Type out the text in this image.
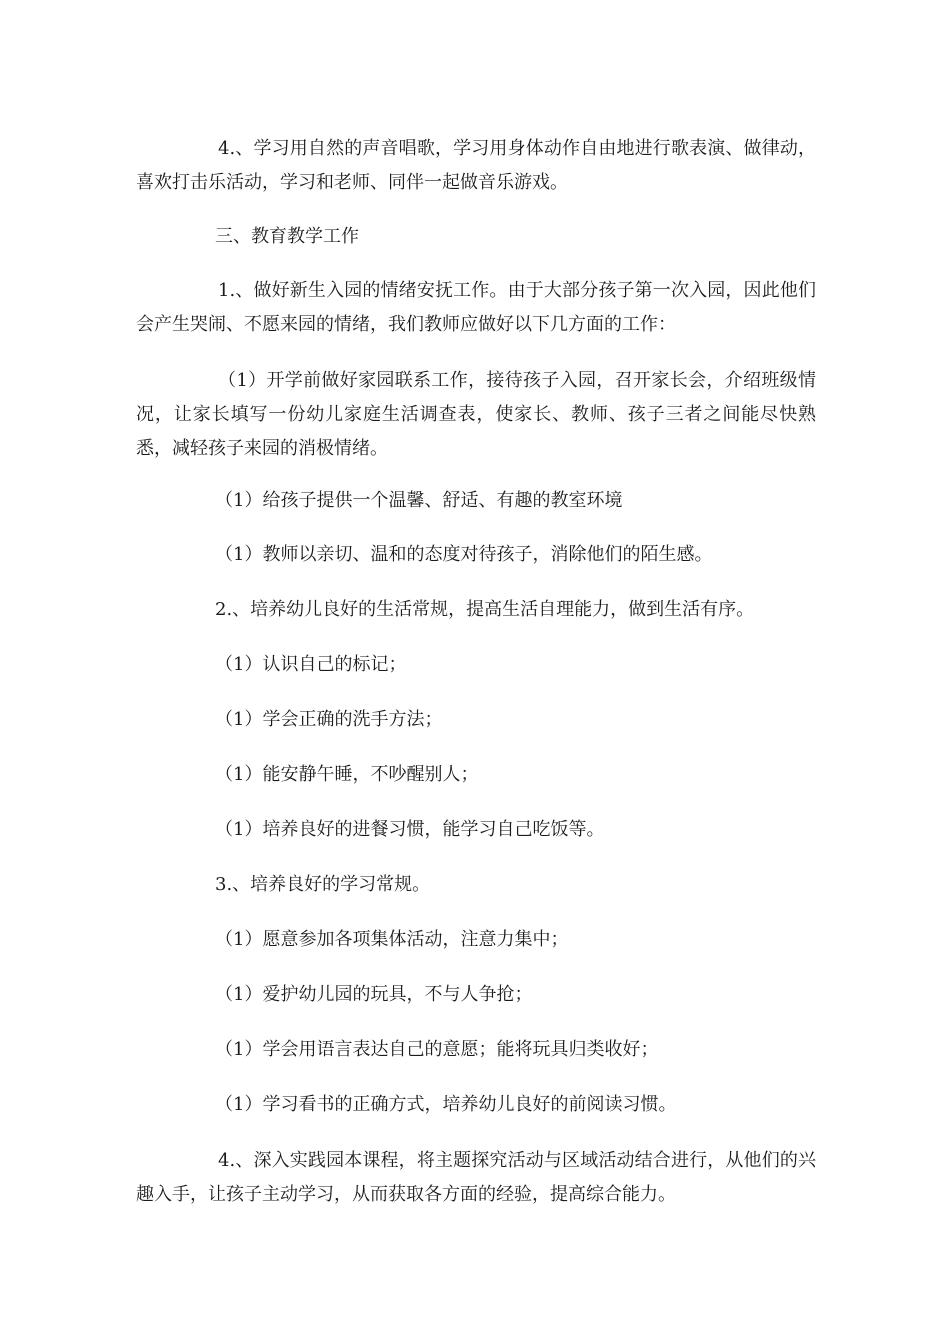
4.、学习用自然的声音唱歌，学习用身体动作自由地进行歌表演、做律动，喜欢打击乐活动，学习和老师、同伴一起做音乐游戏。

三、教育教学工作

1.、做好新生入园的情绪安抚工作。由于大部分孩子第一次入园，因此他们会产生哭闹、不愿来园的情绪，我们教师应做好以下几方面的工作：

（1）开学前做好家园联系工作，接待孩子入园，召开家长会，介绍班级情况，让家长填写一份幼儿家庭生活调查表，使家长、教师、孩子三者之间能尽快熟悉，减轻孩子来园的消极情绪。

（1）给孩子提供一个温馨、舒适、有趣的教室环境

（1）教师以亲切、温和的态度对待孩子，消除他们的陌生感。

2.、培养幼儿良好的生活常规，提高生活自理能力，做到生活有序。

（1）认识自己的标记；

（1）学会正确的洗手方法；

（1）能安静午睡，不吵醒别人；

（1）培养良好的进餐习惯，能学习自己吃饭等。

3.、培养良好的学习常规。

（1）愿意参加各项集体活动，注意力集中；

（1）爱护幼儿园的玩具，不与人争抢；

（1）学会用语言表达自己的意愿；能将玩具归类收好；

（1）学习看书的正确方式，培养幼儿良好的前阅读习惯。

4.、深入实践园本课程，将主题探究活动与区域活动结合进行，从他们的兴趣入手，让孩子主动学习，从而获取各方面的经验，提高综合能力。
